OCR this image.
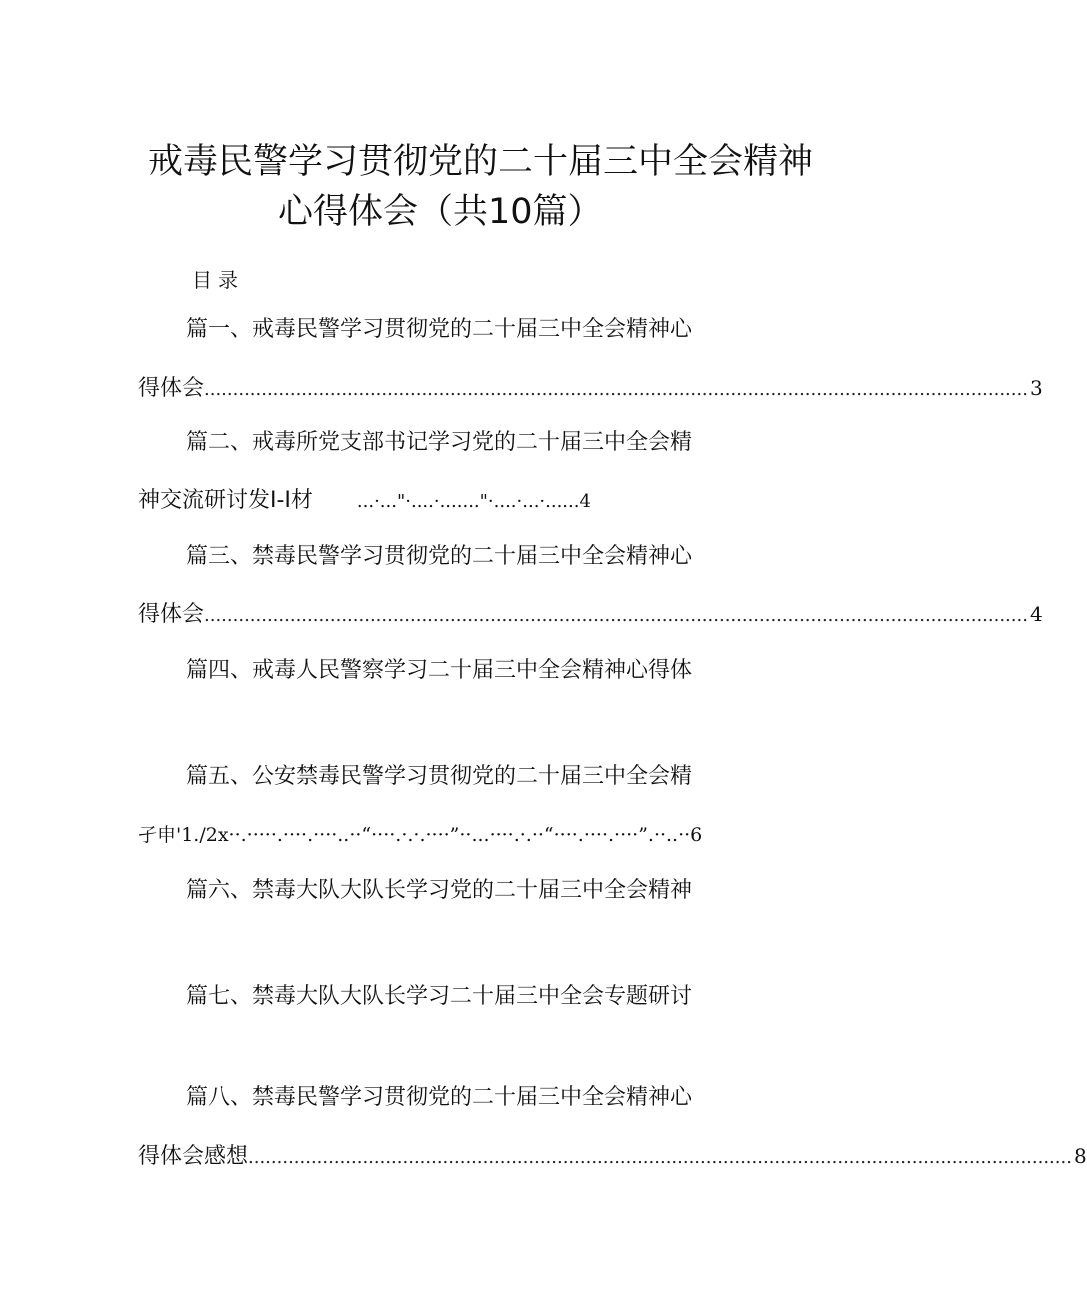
戒毒民警学习贯彻党的二十届三中全会精神
心得体会（共10篇）
目录
篇一、戒毒民警学习贯彻党的二十届三中全会精神心
得体会 ................................................................................................................................................ 3
篇二、戒毒所党支部书记学习党的二十届三中全会精
神交流研讨发I-I材 ...·..."·....·......."·....·...·......4
篇三、禁毒民警学习贯彻党的二十届三中全会精神心
得体会 ................................................................................................................................................ 4
篇四、戒毒人民警察学习二十届三中全会精神心得体
篇五、公安禁毒民警学习贯彻党的二十届三中全会精
孑申'1./2x··.·····.····.····..··“····.·.·.····”··...····.·.··“····.····.····”.··..··6
篇六、禁毒大队大队长学习党的二十届三中全会精神
篇七、禁毒大队大队长学习二十届三中全会专题研讨
篇八、禁毒民警学习贯彻党的二十届三中全会精神心
得体会感想 ................................................................................................................................................ 8
